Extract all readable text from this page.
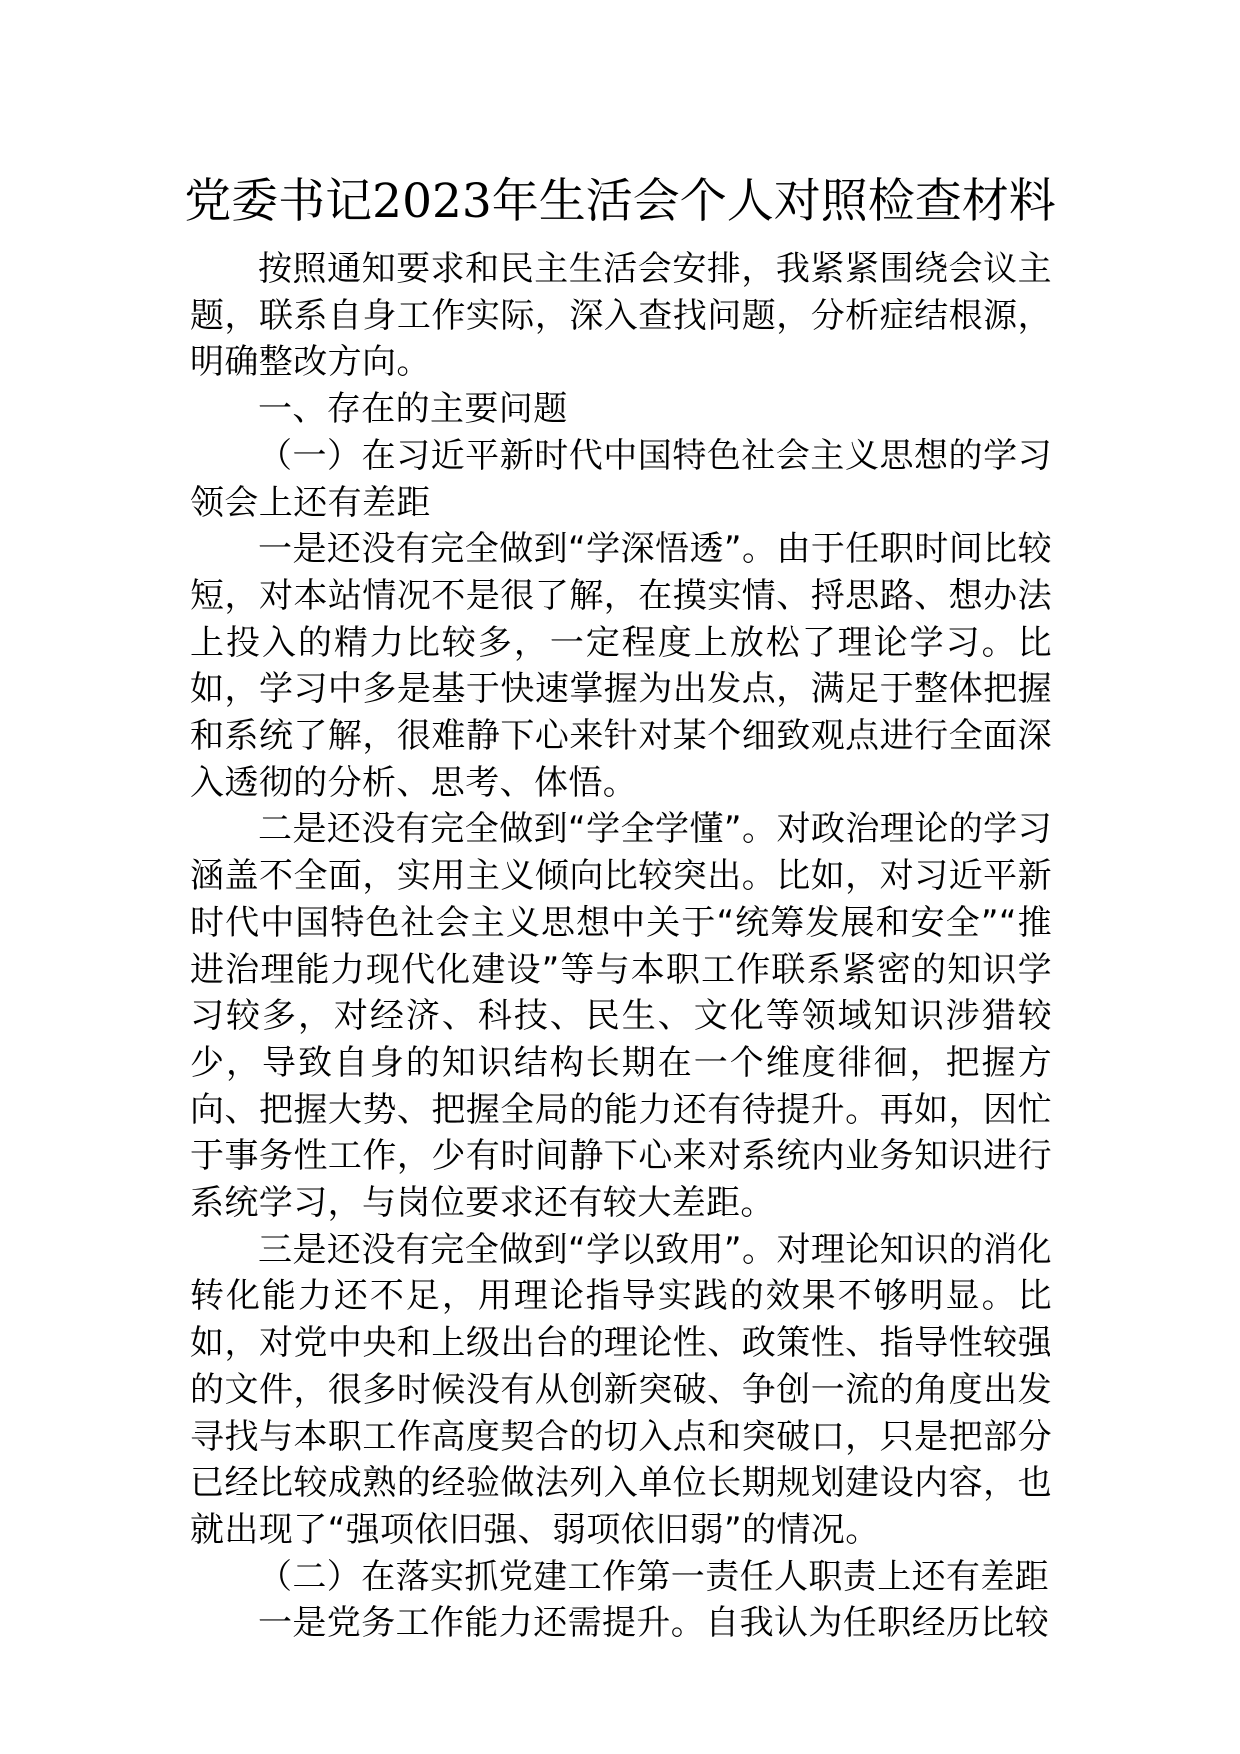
党委书记2023年生活会个人对照检查材料

按照通知要求和民主生活会安排，我紧紧围绕会议主题，联系自身工作实际，深入查找问题，分析症结根源，明确整改方向。

一、存在的主要问题

（一）在习近平新时代中国特色社会主义思想的学习领会上还有差距

一是还没有完全做到“学深悟透”。由于任职时间比较短，对本站情况不是很了解，在摸实情、捋思路、想办法上投入的精力比较多，一定程度上放松了理论学习。比如，学习中多是基于快速掌握为出发点，满足于整体把握和系统了解，很难静下心来针对某个细致观点进行全面深入透彻的分析、思考、体悟。

二是还没有完全做到“学全学懂”。对政治理论的学习涵盖不全面，实用主义倾向比较突出。比如，对习近平新时代中国特色社会主义思想中关于“统筹发展和安全”“推进治理能力现代化建设”等与本职工作联系紧密的知识学习较多，对经济、科技、民生、文化等领域知识涉猎较少，导致自身的知识结构长期在一个维度徘徊，把握方向、把握大势、把握全局的能力还有待提升。再如，因忙于事务性工作，少有时间静下心来对系统内业务知识进行系统学习，与岗位要求还有较大差距。

三是还没有完全做到“学以致用”。对理论知识的消化转化能力还不足，用理论指导实践的效果不够明显。比如，对党中央和上级出台的理论性、政策性、指导性较强的文件，很多时候没有从创新突破、争创一流的角度出发寻找与本职工作高度契合的切入点和突破口，只是把部分已经比较成熟的经验做法列入单位长期规划建设内容，也就出现了“强项依旧强、弱项依旧弱”的情况。

（二）在落实抓党建工作第一责任人职责上还有差距

一是党务工作能力还需提升。自我认为任职经历比较
